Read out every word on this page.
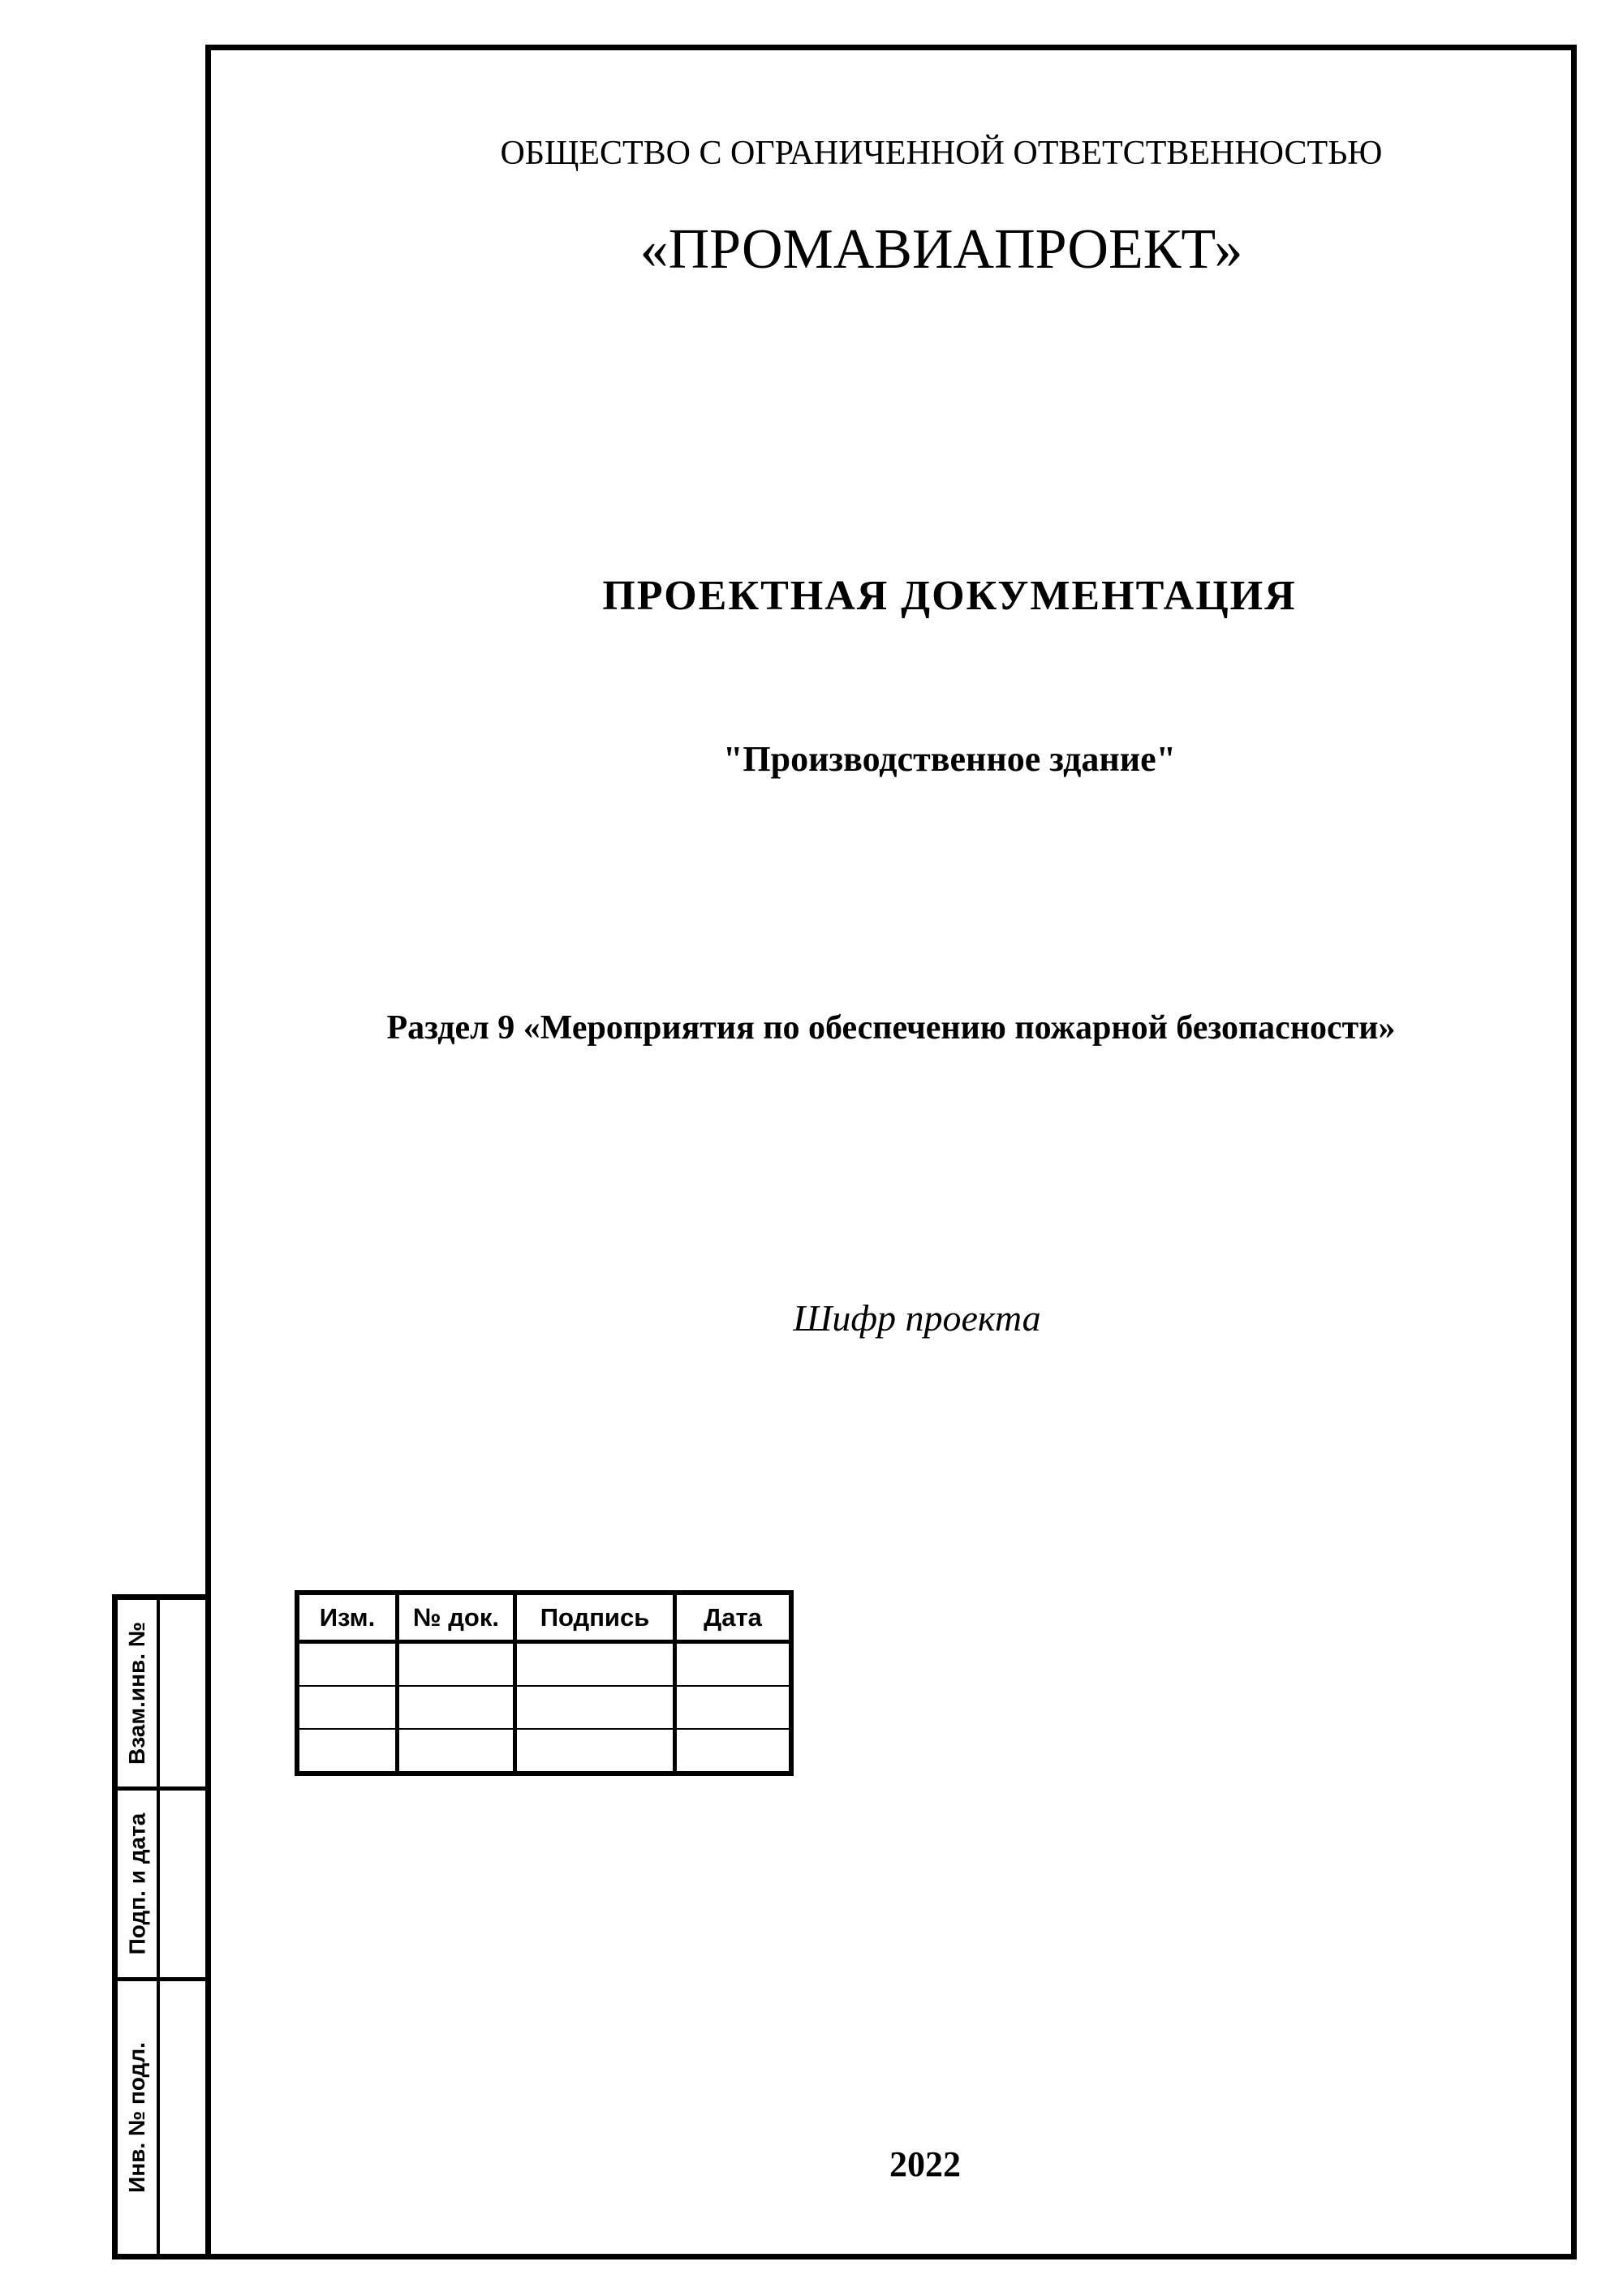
Взам.инв. №
Подп. и дата
Инв. № подл.
ОБЩЕСТВО С ОГРАНИЧЕННОЙ ОТВЕТСТВЕННОСТЬЮ
«ПРОМАВИАПРОЕКТ»
ПРОЕКТНАЯ ДОКУМЕНТАЦИЯ
"Производственное здание"
Раздел 9 «Мероприятия по обеспечению пожарной безопасности»
Шифр проекта
Изм.	№ док.	Подпись	Дата

2022
